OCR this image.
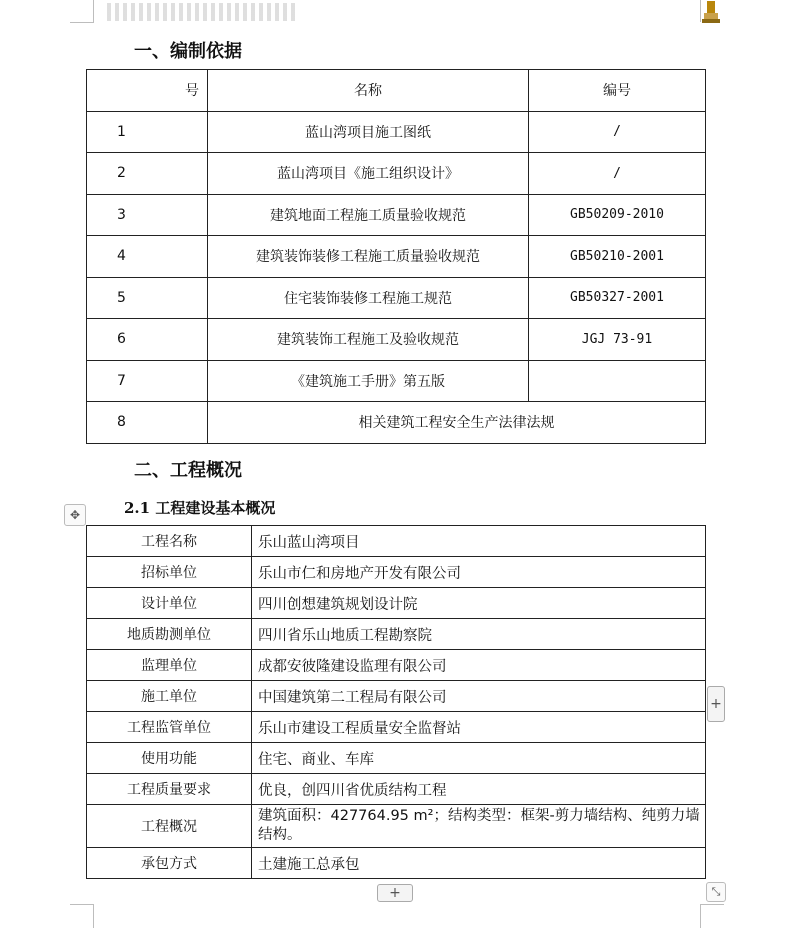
一、编制依据
号	名称	编号
1	蓝山湾项目施工图纸	/
2	蓝山湾项目《施工组织设计》	/
3	建筑地面工程施工质量验收规范	GB50209-2010
4	建筑装饰装修工程施工质量验收规范	GB50210-2001
5	住宅装饰装修工程施工规范	GB50327-2001
6	建筑装饰工程施工及验收规范	JGJ 73-91
7	《建筑施工手册》第五版	
8	相关建筑工程安全生产法律法规	
二、工程概况
2.1 工程建设基本概况
✥
工程名称	乐山蓝山湾项目
招标单位	乐山市仁和房地产开发有限公司
设计单位	四川创想建筑规划设计院
地质勘测单位	四川省乐山地质工程勘察院
监理单位	成都安彼隆建设监理有限公司
施工单位	中国建筑第二工程局有限公司
工程监管单位	乐山市建设工程质量安全监督站
使用功能	住宅、商业、车库
工程质量要求	优良，创四川省优质结构工程
工程概况	建筑面积：427764.95 m²；结构类型：框架-剪力墙结构、纯剪力墙结构。
承包方式	土建施工总承包
+
+	⤡
